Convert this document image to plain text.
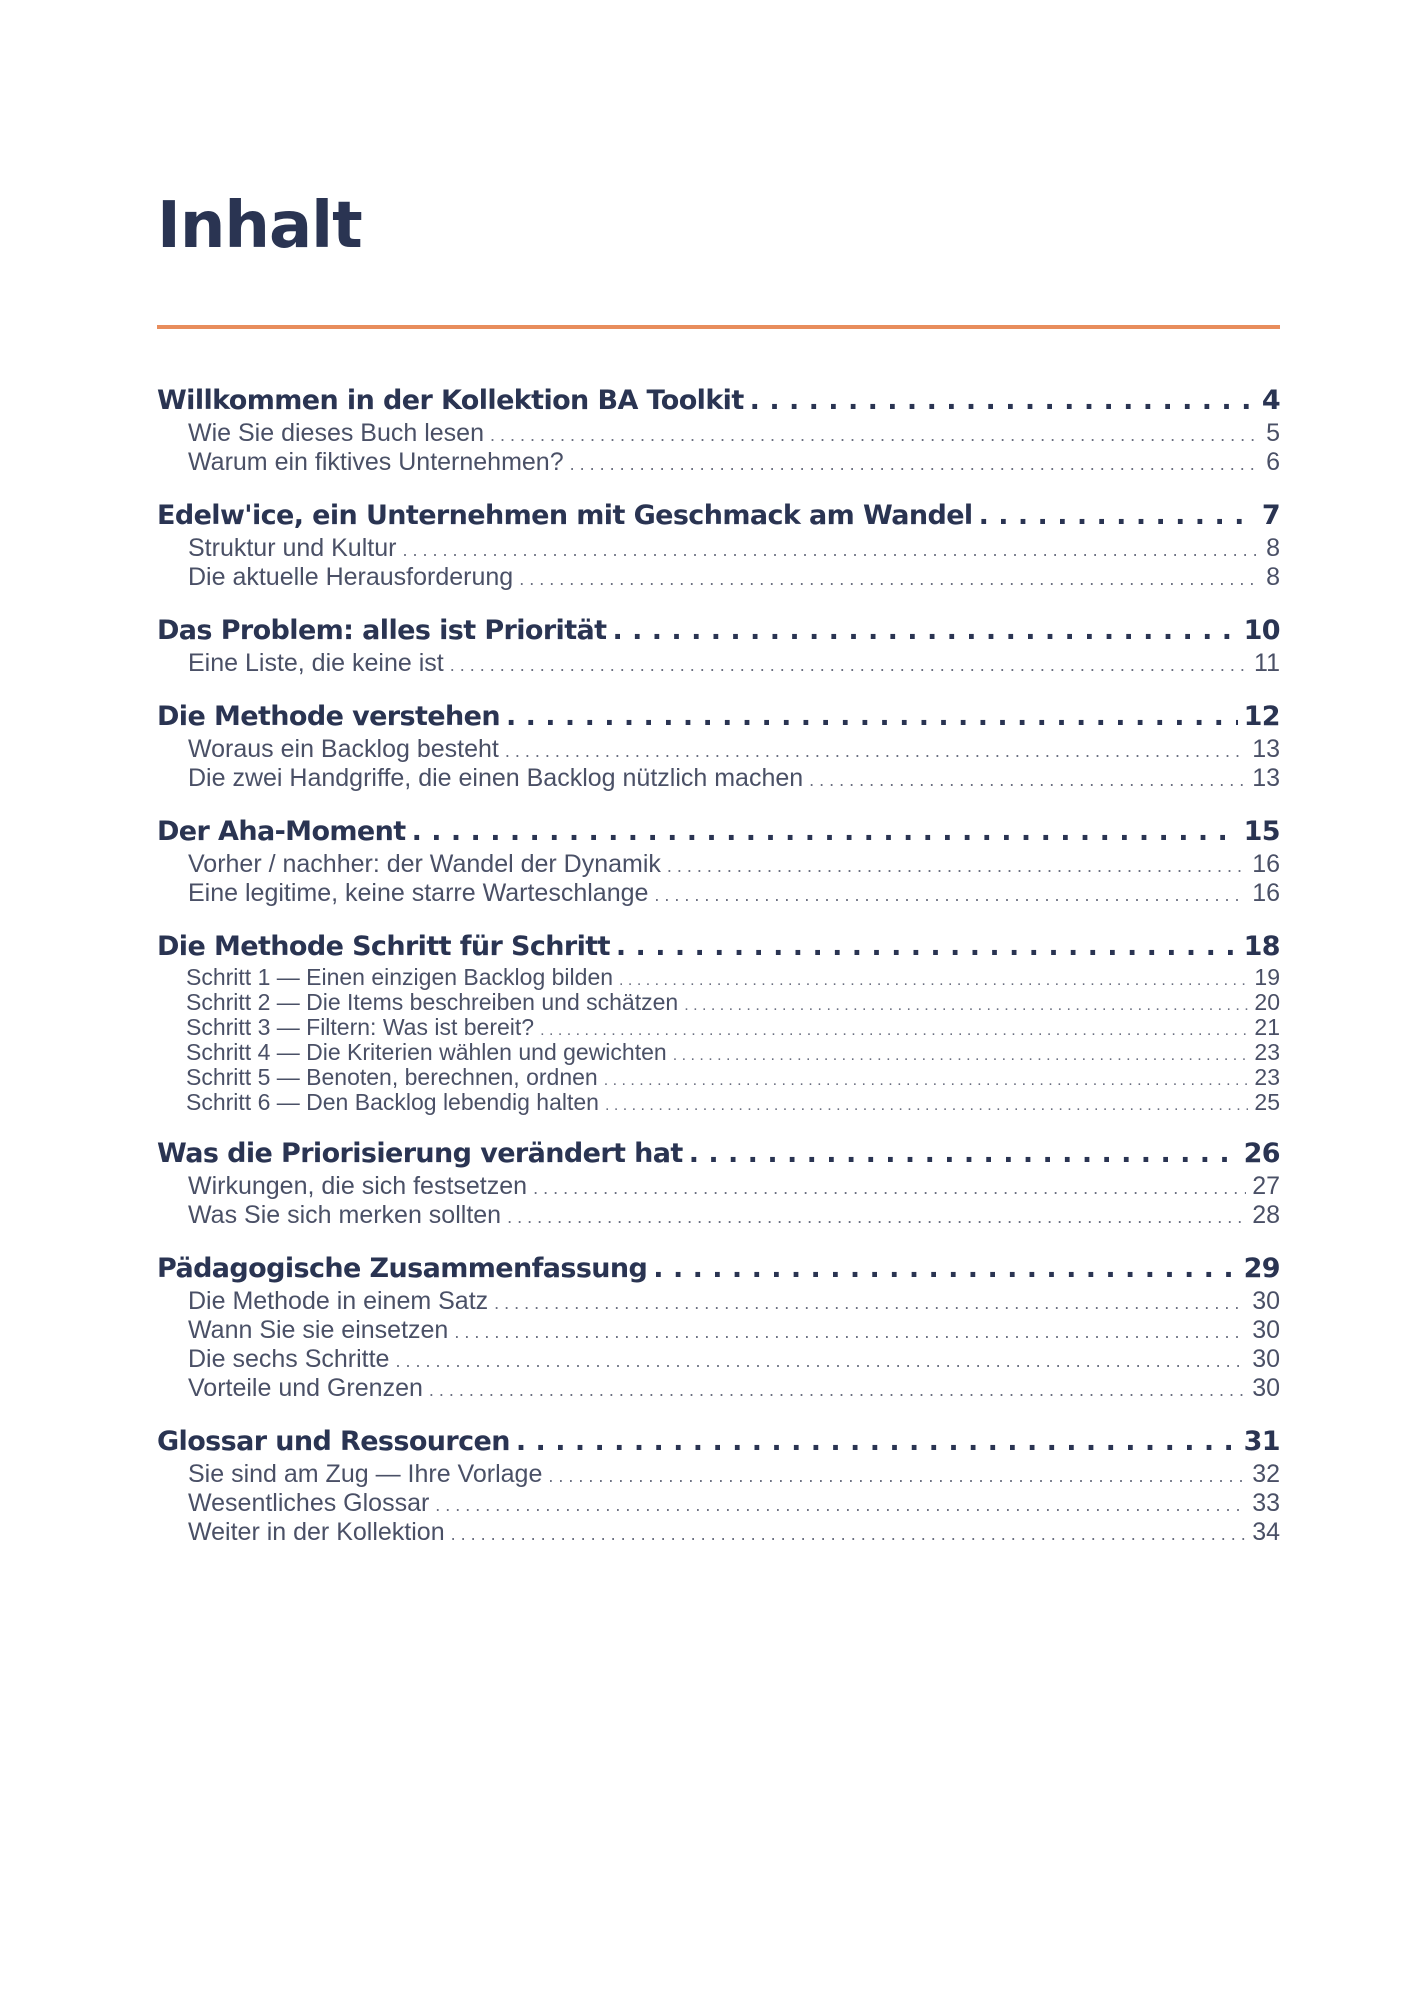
Inhalt
Willkommen in der Kollektion BA Toolkit . . .	4
Wie Sie dieses Buch lesen . . .	5
Warum ein fiktives Unternehmen? . . .	6
Edelw'ice, ein Unternehmen mit Geschmack am Wandel . . .	7
Struktur und Kultur . . .	8
Die aktuelle Herausforderung . . .	8
Das Problem: alles ist Priorität . . .	10
Eine Liste, die keine ist . . .	11
Die Methode verstehen . . .	12
Woraus ein Backlog besteht . . .	13
Die zwei Handgriffe, die einen Backlog nützlich machen . . .	13
Der Aha-Moment . . .	15
Vorher / nachher: der Wandel der Dynamik . . .	16
Eine legitime, keine starre Warteschlange . . .	16
Die Methode Schritt für Schritt . . .	18
Schritt 1 — Einen einzigen Backlog bilden . . .	19
Schritt 2 — Die Items beschreiben und schätzen . . .	20
Schritt 3 — Filtern: Was ist bereit? . . .	21
Schritt 4 — Die Kriterien wählen und gewichten . . .	23
Schritt 5 — Benoten, berechnen, ordnen . . .	23
Schritt 6 — Den Backlog lebendig halten . . .	25
Was die Priorisierung verändert hat . . .	26
Wirkungen, die sich festsetzen . . .	27
Was Sie sich merken sollten . . .	28
Pädagogische Zusammenfassung . . .	29
Die Methode in einem Satz . . .	30
Wann Sie sie einsetzen . . .	30
Die sechs Schritte . . .	30
Vorteile und Grenzen . . .	30
Glossar und Ressourcen . . .	31
Sie sind am Zug — Ihre Vorlage . . .	32
Wesentliches Glossar . . .	33
Weiter in der Kollektion . . .	34
